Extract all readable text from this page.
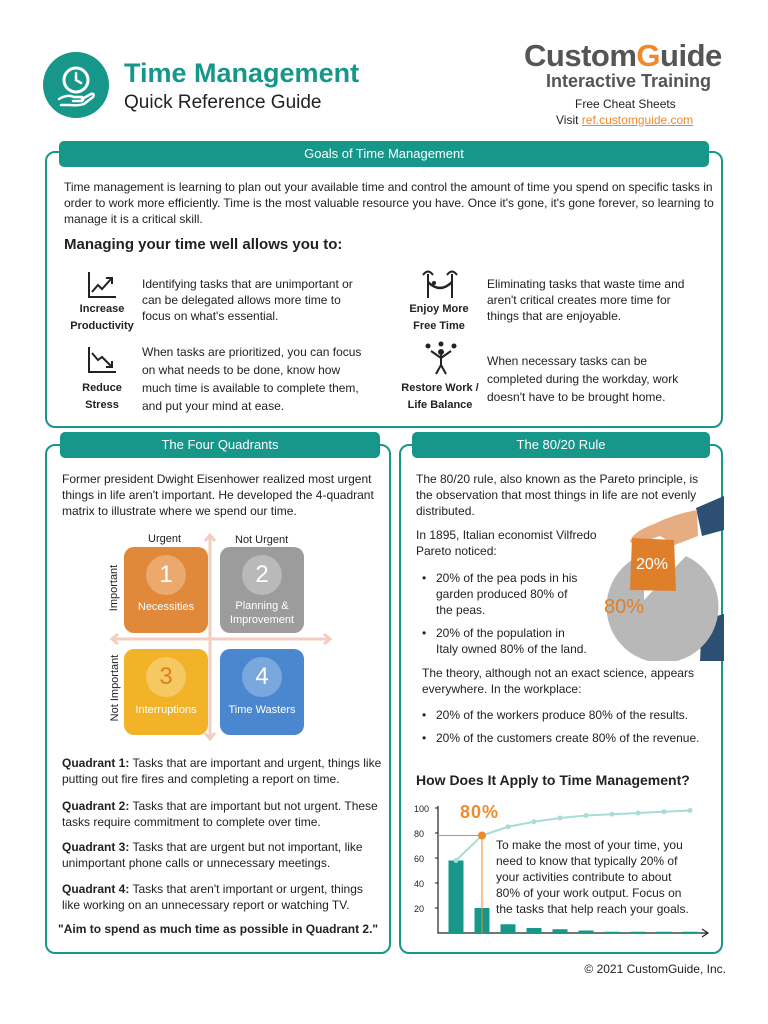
Time Management
Quick Reference Guide
CustomGuide
Interactive Training
Free Cheat Sheets
Visit ref.customguide.com
Goals of Time Management
Time management is learning to plan out your available time and control the amount of time you spend on specific tasks in order to work more efficiently. Time is the most valuable resource you have. Once it's gone, it's gone forever, so learning to manage it is a critical skill.
Managing your time well allows you to:
Increase
Productivity
Identifying tasks that are unimportant or can be delegated allows more time to focus on what's essential.	Enjoy More
Free Time
Eliminating tasks that waste time and aren't critical creates more time for things that are enjoyable.
Reduce
Stress
When tasks are prioritized, you can focus on what needs to be done, know how much time is available to complete them, and put your mind at ease.
Restore Work /
Life Balance
When necessary tasks can be completed during the workday, work doesn't have to be brought home.
The Four Quadrants
Former president Dwight Eisenhower realized most urgent things in life aren't important. He developed the 4-quadrant matrix to illustrate where we spend our time.
Urgent	Not Urgent
Important
Not Important
1
Necessities
2
Planning &
Improvement
3
Interruptions
4
Time Wasters
Quadrant 1: Tasks that are important and urgent, things like putting out fire fires and completing a report on time.
Quadrant 2: Tasks that are important but not urgent. These tasks require commitment to complete over time.
Quadrant 3: Tasks that are urgent but not important, like unimportant phone calls or unnecessary meetings.
Quadrant 4: Tasks that aren't important or urgent, things like working on an unnecessary report or watching TV.
"Aim to spend as much time as possible in Quadrant 2."
The 80/20 Rule
The 80/20 rule, also known as the Pareto principle, is the observation that most things in life are not evenly distributed.
In 1895, Italian economist Vilfredo Pareto noticed:
20%
80%
• 20% of the pea pods in his garden produced 80% of the peas.
• 20% of the population in Italy owned 80% of the land.
The theory, although not an exact science, appears everywhere. In the workplace:
• 20% of the workers produce 80% of the results.
• 20% of the customers create 80% of the revenue.
How Does It Apply to Time Management?
100
80
60
40
20
80%
To make the most of your time, you need to know that typically 20% of your activities contribute to about 80% of your work output. Focus on the tasks that help reach your goals.
© 2021 CustomGuide, Inc.
